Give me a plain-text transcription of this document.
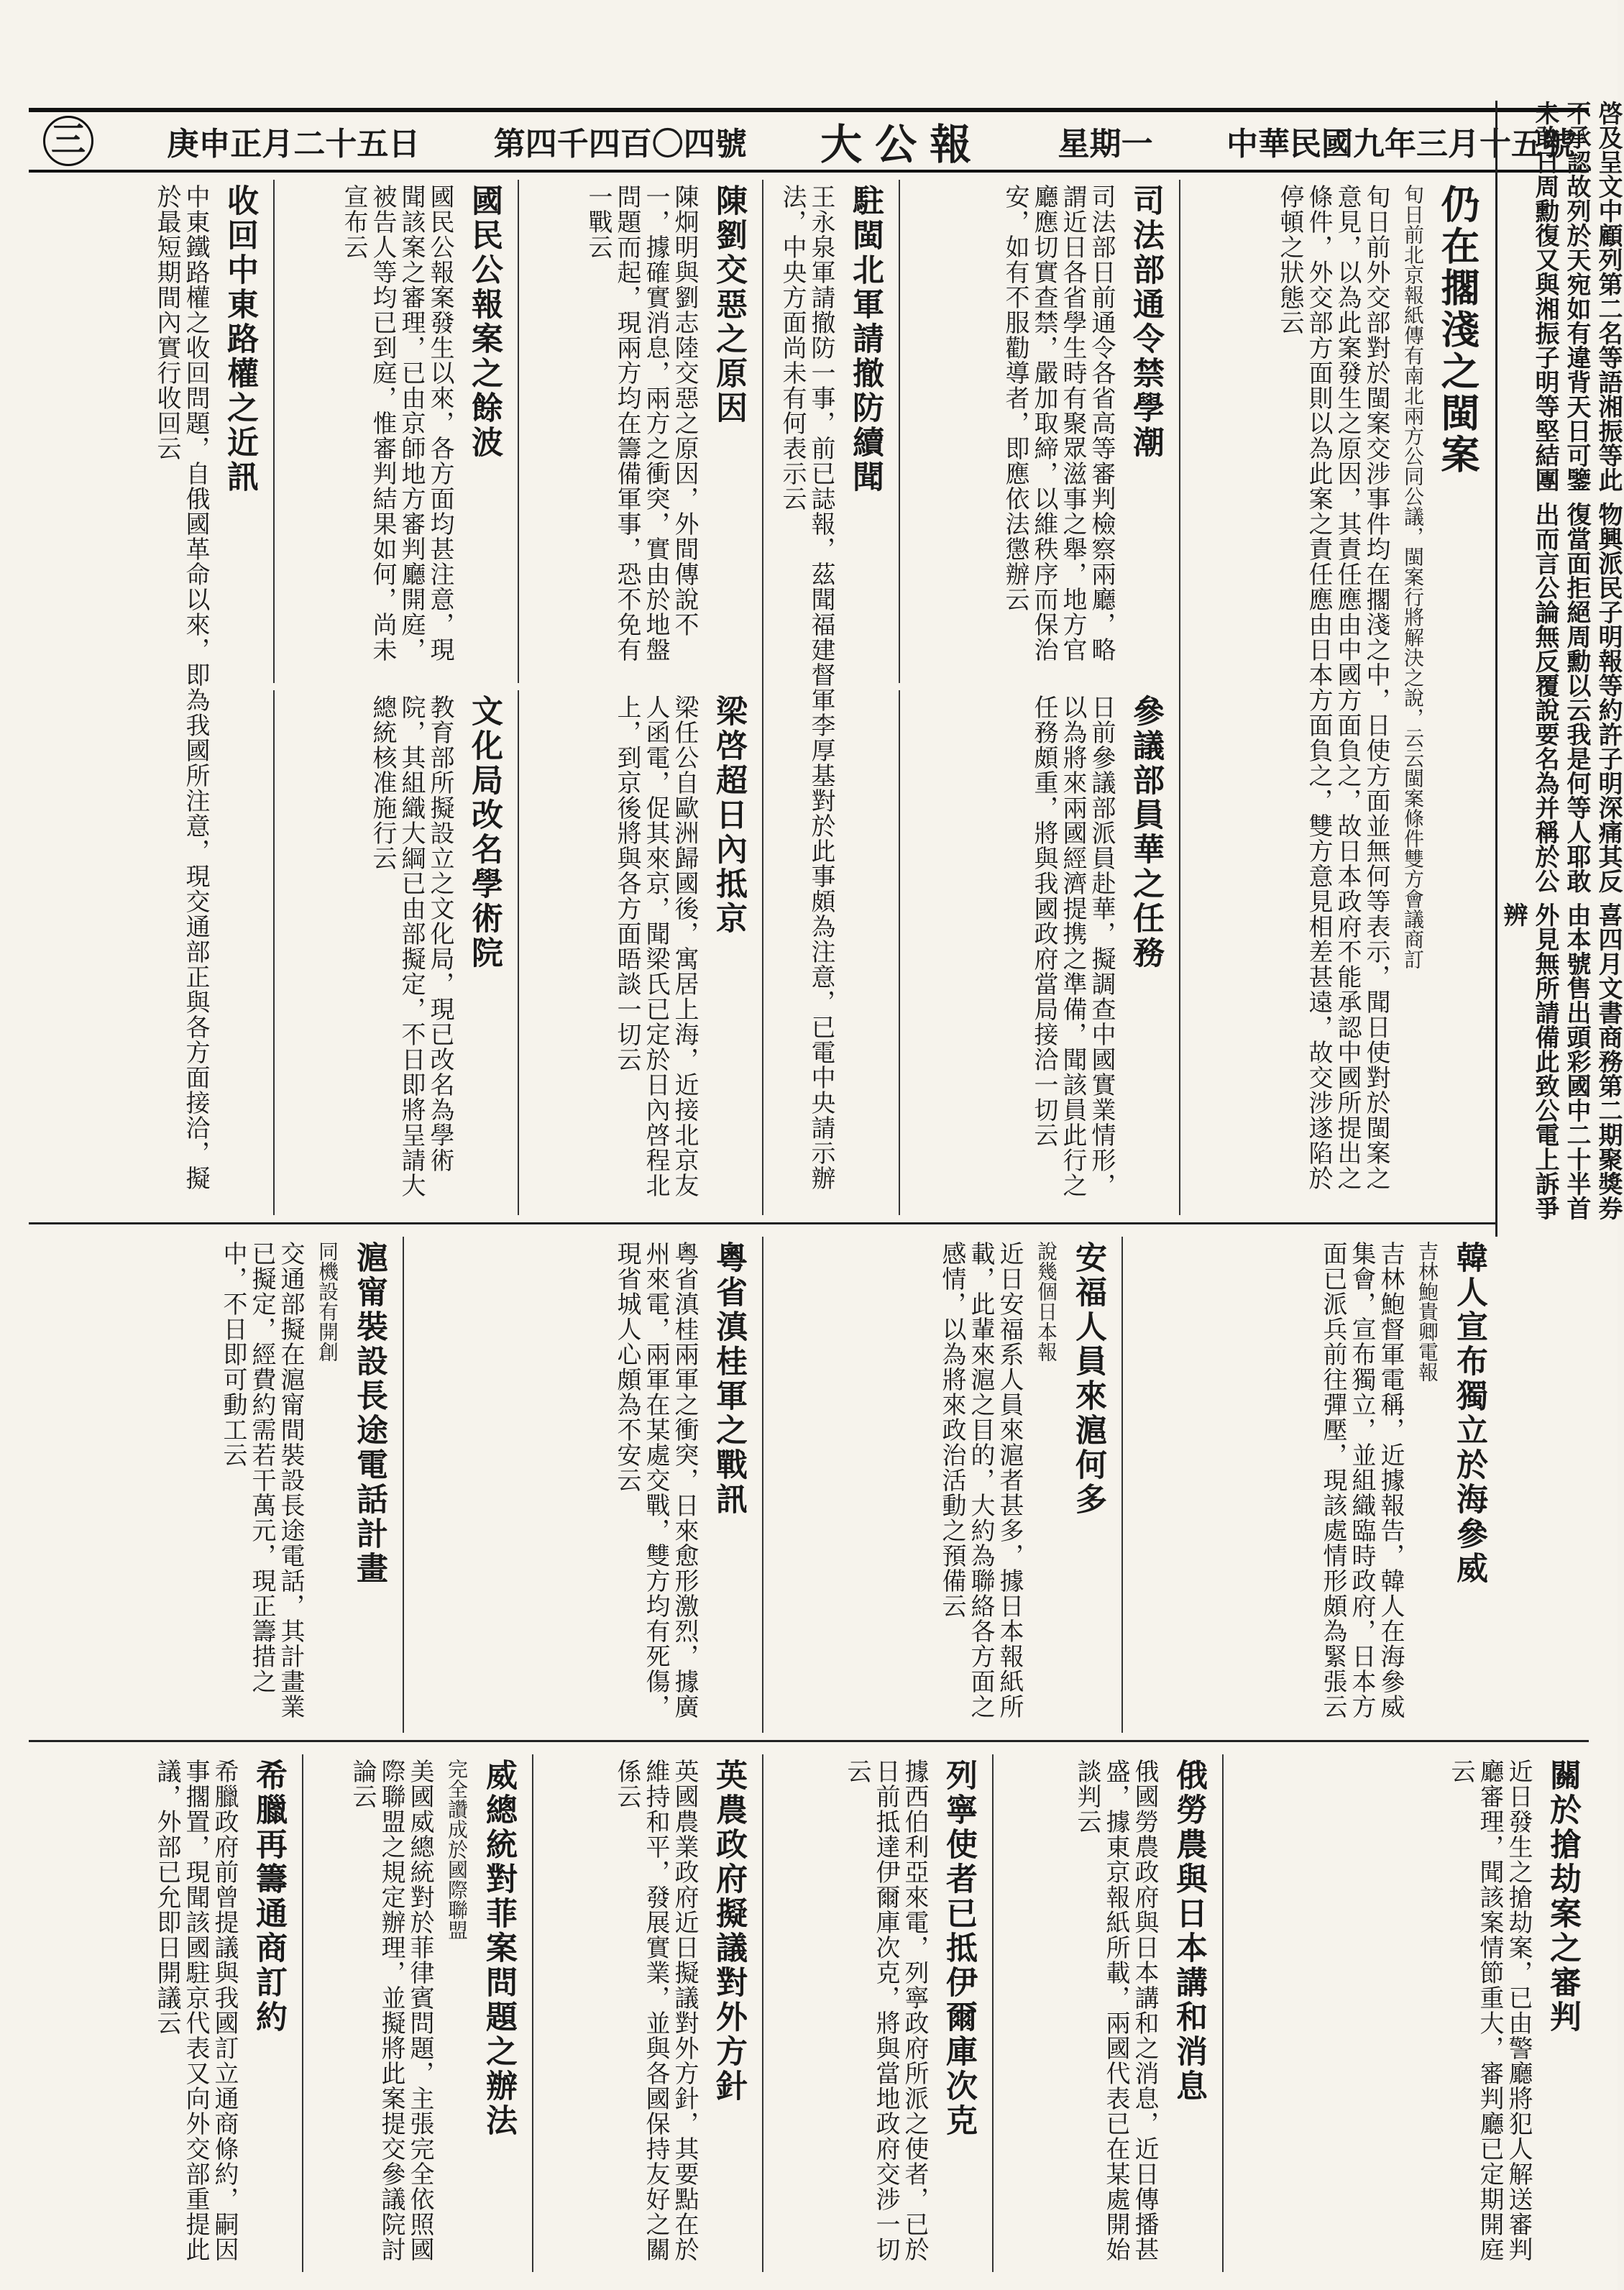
三	庚申正月二十五日 第四千四百〇四號 大公報 星期一 中華民國九年三月十五號
喜四月文書商務第二期聚獎券由本號售出頭彩國中二十半首外見無所請備此致公電上訴爭辨
物興派民子明報等約許子明深痛其反復當面拒絕周勳以云我是何等人耶敢出而言公論無反覆說要名為并稱於公
啓及呈文中顧列第二名等語湘振等此不承認故列於天宛如有違背天日可鑒未敢日周勳復又與湘振子明等堅結團
仍在擱淺之閩案
旬日前北京報紙傳有南北兩方公同公議，閩案行將解決之說，云云閩案條件雙方會議商訂
旬日前外交部對於閩案交涉事件均在擱淺之中，日使方面並無何等表示，聞日使對於閩案之意見，以為此案發生之原因，其責任應由中國方面負之，故日本政府不能承認中國所提出之條件，外交部方面則以為此案之責任應由日本方面負之，雙方意見相差甚遠，故交涉遂陷於停頓之狀態云
司法部通令禁學潮
司法部日前通令各省高等審判檢察兩廳，略謂近日各省學生時有聚眾滋事之舉，地方官廳應切實查禁，嚴加取締，以維秩序而保治安，如有不服勸導者，即應依法懲辦云
參議部員華之任務
日前參議部派員赴華，擬調查中國實業情形，以為將來兩國經濟提携之準備，聞該員此行之任務頗重，將與我國政府當局接洽一切云
駐閩北軍請撤防續聞
王永泉軍請撤防一事，前已誌報，茲聞福建督軍李厚基對於此事頗為注意，已電中央請示辦法，中央方面尚未有何表示云
陳劉交惡之原因
陳炯明與劉志陸交惡之原因，外間傳說不一，據確實消息，兩方之衝突，實由於地盤問題而起，現兩方均在籌備軍事，恐不免有一戰云
梁啓超日內抵京
梁任公自歐洲歸國後，寓居上海，近接北京友人函電，促其來京，聞梁氏已定於日內啓程北上，到京後將與各方面晤談一切云
國民公報案之餘波
國民公報案發生以來，各方面均甚注意，現聞該案之審理，已由京師地方審判廳開庭，被告人等均已到庭，惟審判結果如何，尚未宣布云
文化局改名學術院
教育部所擬設立之文化局，現已改名為學術院，其組織大綱已由部擬定，不日即將呈請大總統核准施行云
收回中東路權之近訊
中東鐵路權之收回問題，自俄國革命以來，即為我國所注意，現交通部正與各方面接洽，擬於最短期間內實行收回云
韓人宣布獨立於海參威
吉林鮑貴卿電報
吉林鮑督軍電稱，近據報告，韓人在海參威集會，宣布獨立，並組織臨時政府，日本方面已派兵前往彈壓，現該處情形頗為緊張云
安福人員來滬何多
說幾個日本報
近日安福系人員來滬者甚多，據日本報紙所載，此輩來滬之目的，大約為聯絡各方面之感情，以為將來政治活動之預備云
粵省滇桂軍之戰訊
粵省滇桂兩軍之衝突，日來愈形激烈，據廣州來電，兩軍在某處交戰，雙方均有死傷，現省城人心頗為不安云
滬甯裝設長途電話計畫
同機設有開創
交通部擬在滬甯間裝設長途電話，其計畫業已擬定，經費約需若干萬元，現正籌措之中，不日即可動工云
關於搶劫案之審判
近日發生之搶劫案，已由警廳將犯人解送審判廳審理，聞該案情節重大，審判廳已定期開庭云
俄勞農與日本講和消息
俄國勞農政府與日本講和之消息，近日傳播甚盛，據東京報紙所載，兩國代表已在某處開始談判云
列寧使者已抵伊爾庫次克
據西伯利亞來電，列寧政府所派之使者，已於日前抵達伊爾庫次克，將與當地政府交涉一切云
英農政府擬議對外方針
英國農業政府近日擬議對外方針，其要點在於維持和平，發展實業，並與各國保持友好之關係云
威總統對菲案問題之辦法
完全讚成於國際聯盟
美國威總統對於菲律賓問題，主張完全依照國際聯盟之規定辦理，並擬將此案提交參議院討論云
希臘再籌通商訂約
希臘政府前曾提議與我國訂立通商條約，嗣因事擱置，現聞該國駐京代表又向外交部重提此議，外部已允即日開議云
